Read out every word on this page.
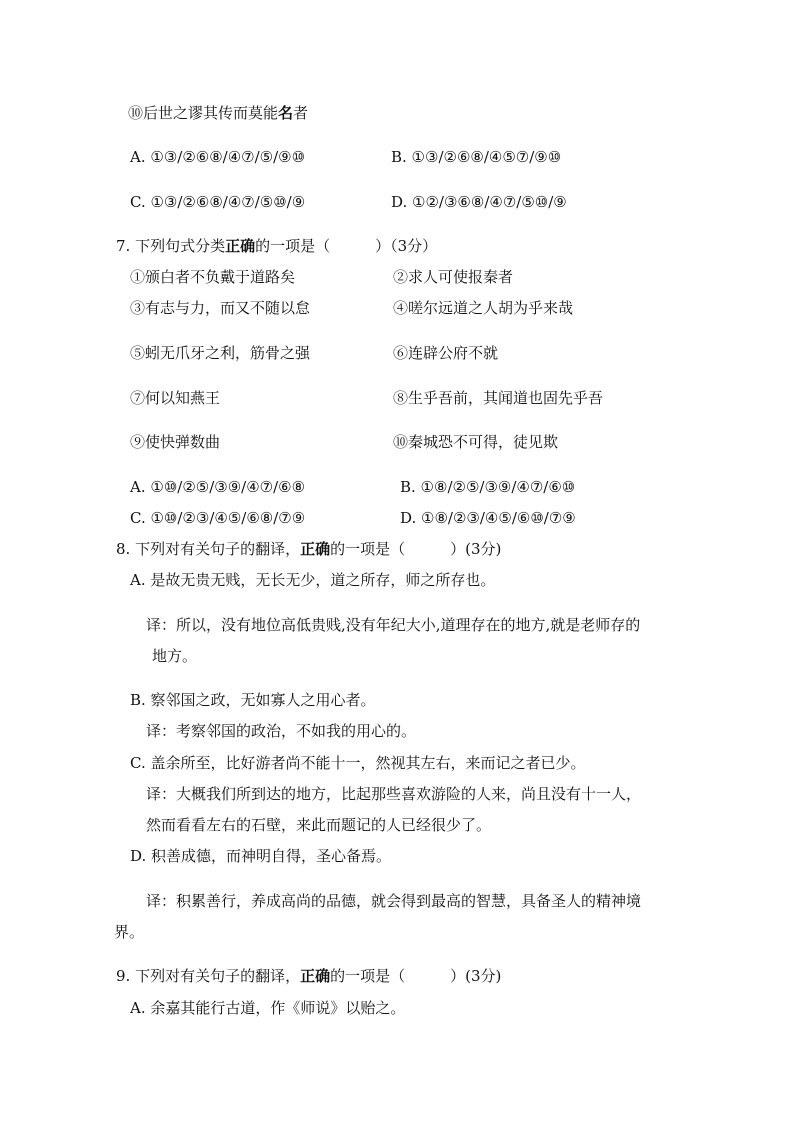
⑩后世之谬其传而莫能名者
A. ①③/②⑥⑧/④⑦/⑤/⑨⑩	B. ①③/②⑥⑧/④⑤⑦/⑨⑩
C. ①③/②⑥⑧/④⑦/⑤⑩/⑨	D. ①②/③⑥⑧/④⑦/⑤⑩/⑨
7. 下列句式分类正确的一项是（　　　）（3分）
①颁白者不负戴于道路矣	②求人可使报秦者
③有志与力，而又不随以怠	④嗟尔远道之人胡为乎来哉
⑤蚓无爪牙之利，筋骨之强	⑥连辟公府不就
⑦何以知燕王	⑧生乎吾前，其闻道也固先乎吾
⑨使快弹数曲	⑩秦城恐不可得，徒见欺
A. ①⑩/②⑤/③⑨/④⑦/⑥⑧	B. ①⑧/②⑤/③⑨/④⑦/⑥⑩
C. ①⑩/②③/④⑤/⑥⑧/⑦⑨	D. ①⑧/②③/④⑤/⑥⑩/⑦⑨
8. 下列对有关句子的翻译，正确的一项是（　　　）(3分)
A. 是故无贵无贱，无长无少，道之所存，师之所存也。
译：所以，没有地位高低贵贱,没有年纪大小,道理存在的地方,就是老师存的
地方。
B. 察邻国之政，无如寡人之用心者。
译：考察邻国的政治，不如我的用心的。
C. 盖余所至，比好游者尚不能十一，然视其左右，来而记之者已少。
译：大概我们所到达的地方，比起那些喜欢游险的人来，尚且没有十一人，
然而看看左右的石壁，来此而题记的人已经很少了。
D. 积善成德，而神明自得，圣心备焉。
译：积累善行，养成高尚的品德，就会得到最高的智慧，具备圣人的精神境
界。
9. 下列对有关句子的翻译，正确的一项是（　　　）(3分)
A. 余嘉其能行古道，作《师说》以贻之。
